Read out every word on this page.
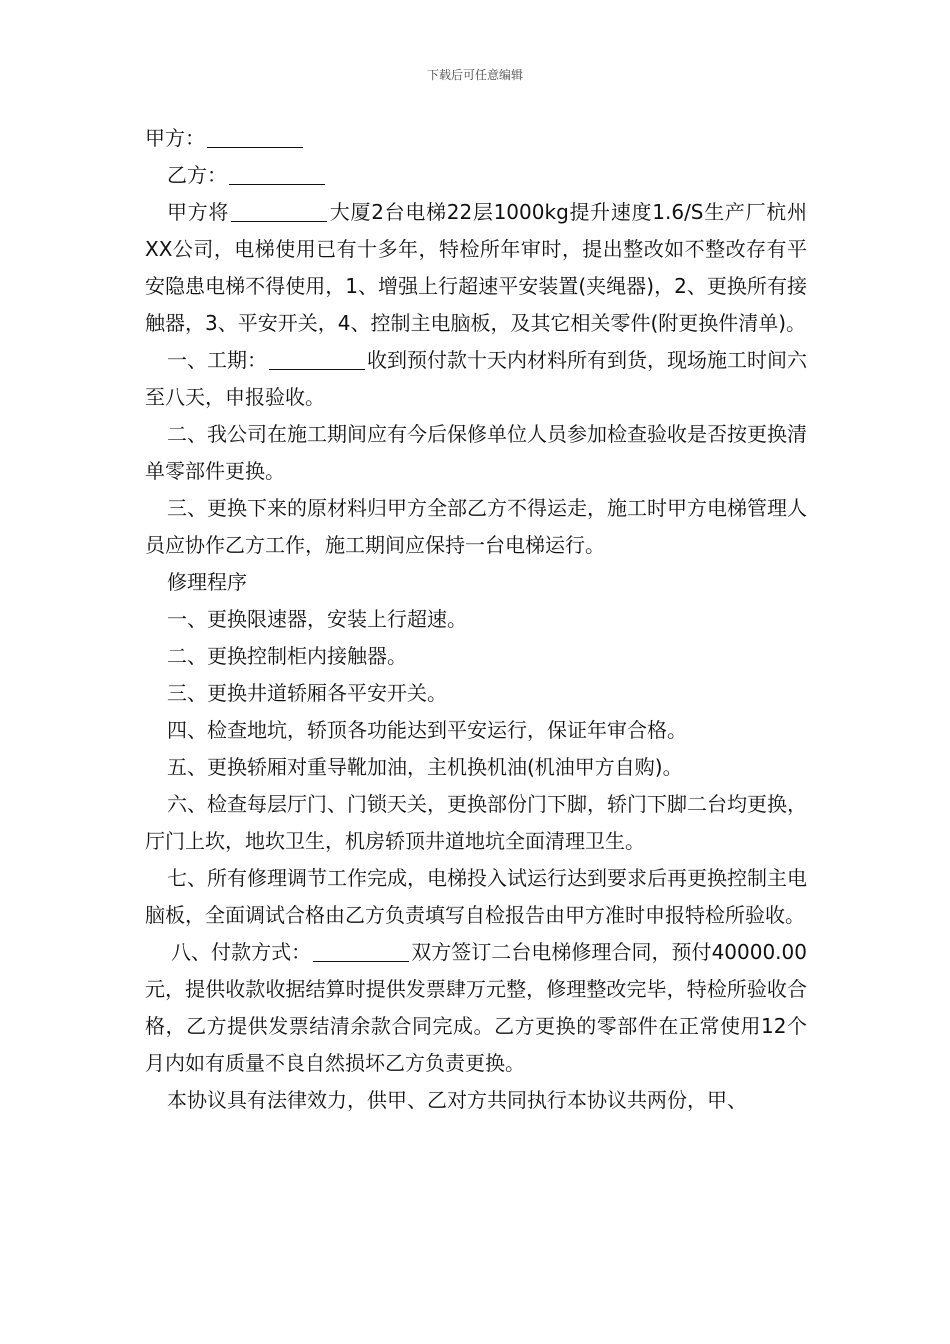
下载后可任意编辑

甲方：

乙方：

甲方将	大厦2台电梯22层1000kg提升速度1.6/S生产厂杭州XX公司，电梯使用已有十多年，特检所年审时，提出整改如不整改存有平安隐患电梯不得使用，1、增强上行超速平安装置(夹绳器)，2、更换所有接触器，3、平安开关，4、控制主电脑板，及其它相关零件(附更换件清单)。

一、工期：	收到预付款十天内材料所有到货，现场施工时间六至八天，申报验收。

二、我公司在施工期间应有今后保修单位人员参加检查验收是否按更换清单零部件更换。

三、更换下来的原材料归甲方全部乙方不得运走，施工时甲方电梯管理人员应协作乙方工作，施工期间应保持一台电梯运行。

修理程序

一、更换限速器，安装上行超速。

二、更换控制柜内接触器。

三、更换井道轿厢各平安开关。

四、检查地坑，轿顶各功能达到平安运行，保证年审合格。

五、更换轿厢对重导靴加油，主机换机油(机油甲方自购)。

六、检查每层厅门、门锁天关，更换部份门下脚，轿门下脚二台均更换，厅门上坎，地坎卫生，机房轿顶井道地坑全面清理卫生。

七、所有修理调节工作完成，电梯投入试运行达到要求后再更换控制主电脑板，全面调试合格由乙方负责填写自检报告由甲方准时申报特检所验收。

八、付款方式：	双方签订二台电梯修理合同，预付40000.00元，提供收款收据结算时提供发票肆万元整，修理整改完毕，特检所验收合格，乙方提供发票结清余款合同完成。乙方更换的零部件在正常使用12个月内如有质量不良自然损坏乙方负责更换。

本协议具有法律效力，供甲、乙对方共同执行本协议共两份，甲、
